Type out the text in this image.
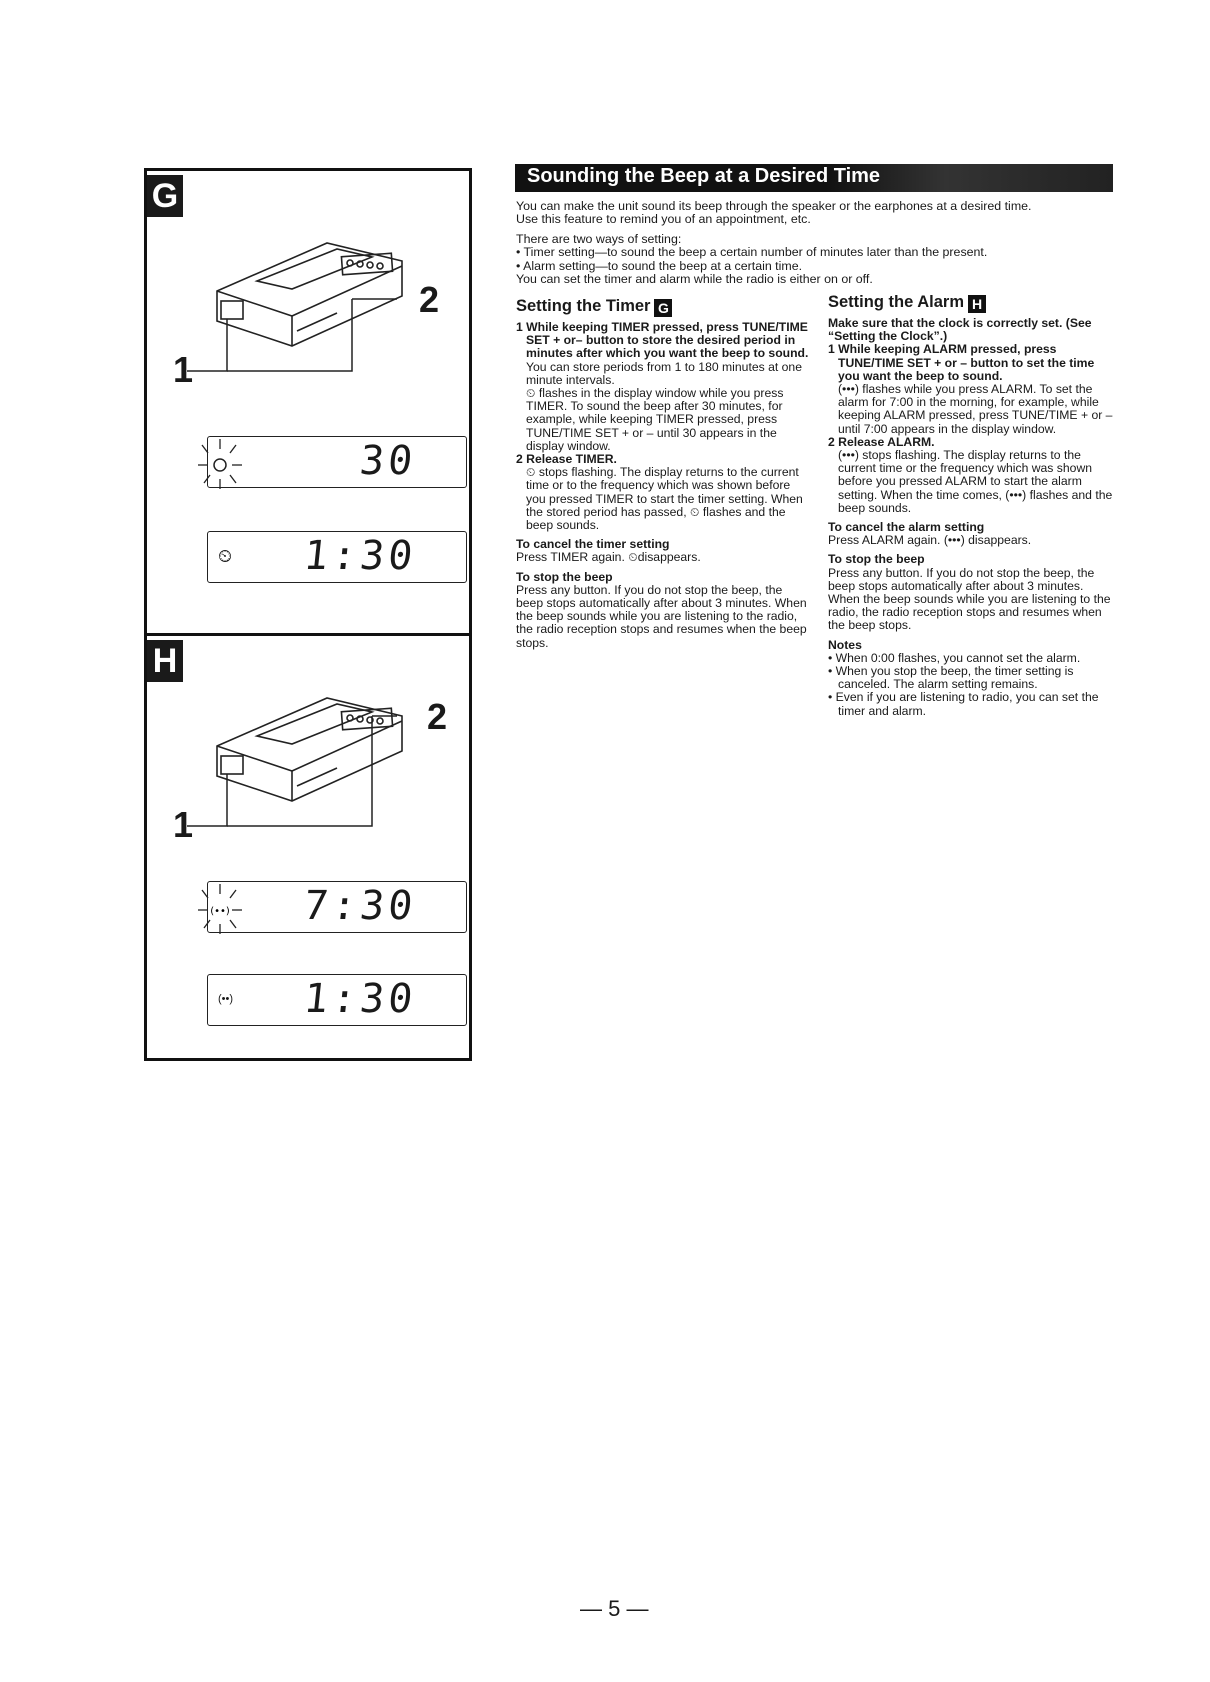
G
1
2
30
⏲ 1:30
H
1
2
(••) 7:30
(••) 1:30
Sounding the Beep at a Desired Time

You can make the unit sound its beep through the speaker or the earphones at a desired time.

Use this feature to remind you of an appointment, etc.

There are two ways of setting:

• Timer setting—to sound the beep a certain number of minutes later than the present.

• Alarm setting—to sound the beep at a certain time.

You can set the timer and alarm while the radio is either on or off.

Setting the Timer G

1 While keeping TIMER pressed, press TUNE/TIME SET + or– button to store the desired period in minutes after which you want the beep to sound.

You can store periods from 1 to 180 minutes at one minute intervals.

⏲ flashes in the display window while you press TIMER. To sound the beep after 30 minutes, for example, while keeping TIMER pressed, press TUNE/TIME SET + or – until 30 appears in the display window.

2 Release TIMER.

⏲ stops flashing. The display returns to the current time or to the frequency which was shown before you pressed TIMER to start the timer setting. When the stored period has passed, ⏲ flashes and the beep sounds.

To cancel the timer setting

Press TIMER again. ⏲disappears.

To stop the beep

Press any button. If you do not stop the beep, the beep stops automatically after about 3 minutes. When the beep sounds while you are listening to the radio, the radio reception stops and resumes when the beep stops.

Setting the Alarm H

Make sure that the clock is correctly set. (See “Setting the Clock”.)

1 While keeping ALARM pressed, press TUNE/TIME SET + or – button to set the time you want the beep to sound.

(•••) flashes while you press ALARM. To set the alarm for 7:00 in the morning, for example, while keeping ALARM pressed, press TUNE/TIME + or – until 7:00 appears in the display window.

2 Release ALARM.

(•••) stops flashing. The display returns to the current time or the frequency which was shown before you pressed ALARM to start the alarm setting. When the time comes, (•••) flashes and the beep sounds.

To cancel the alarm setting

Press ALARM again. (•••) disappears.

To stop the beep

Press any button. If you do not stop the beep, the beep stops automatically after about 3 minutes. When the beep sounds while you are listening to the radio, the radio reception stops and resumes when the beep stops.

Notes

• When 0:00 flashes, you cannot set the alarm.

• When you stop the beep, the timer setting is canceled. The alarm setting remains.

• Even if you are listening to radio, you can set the timer and alarm.

— 5 —
